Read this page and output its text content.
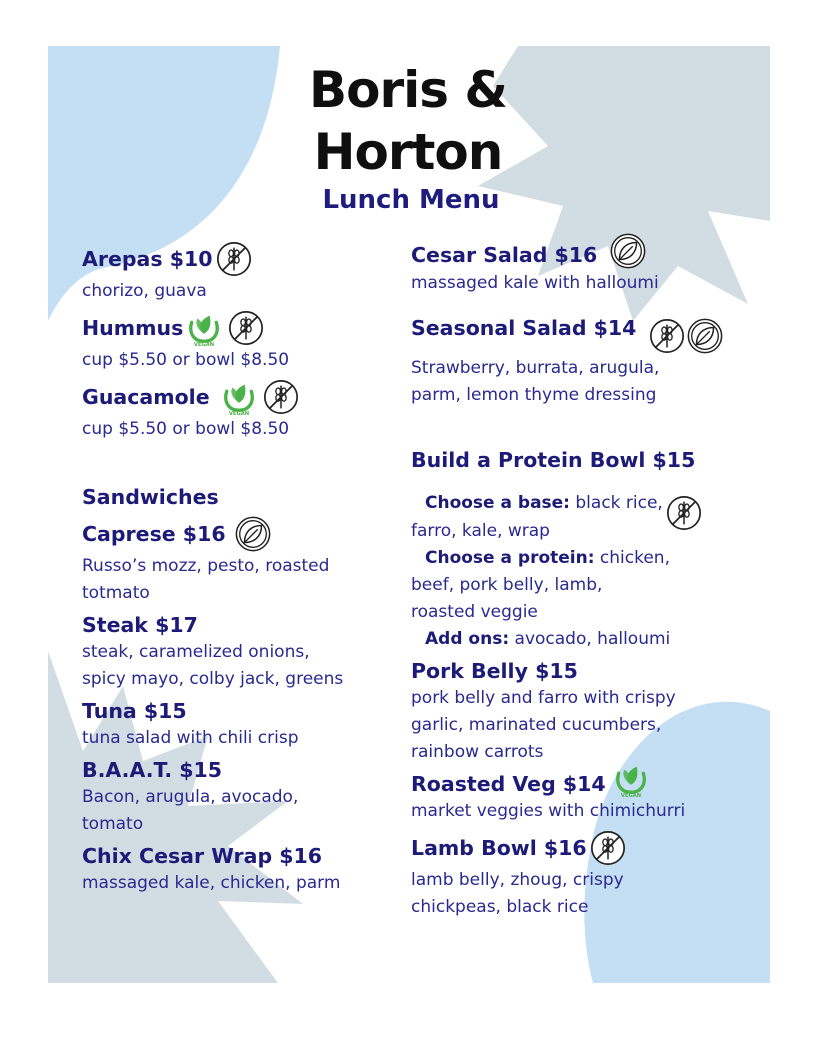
Boris &
Horton
Lunch Menu
Arepas $10
chorizo, guava
Hummus
VEGAN
cup $5.50 or bowl $8.50
Guacamole
VEGAN
cup $5.50 or bowl $8.50
Sandwiches
Caprese $16
Russo’s mozz, pesto, roasted totmato
Steak $17
steak, caramelized onions,
spicy mayo, colby jack, greens
Tuna $15
tuna salad with chili crisp
B.A.A.T. $15
Bacon, arugula, avocado,
tomato
Chix Cesar Wrap $16
massaged kale, chicken, parm
Cesar Salad $16
massaged kale with halloumi
Seasonal Salad $14
Strawberry, burrata, arugula,
parm, lemon thyme dressing
Build a Protein Bowl $15
Choose a base: black rice,
farro, kale, wrap
Choose a protein: chicken,
beef, pork belly, lamb,
roasted veggie
Add ons: avocado, halloumi
Pork Belly $15
pork belly and farro with crispy
garlic, marinated cucumbers,
rainbow carrots
Roasted Veg $14
VEGAN
market veggies with chimichurri
Lamb Bowl $16
lamb belly, zhoug, crispy
chickpeas, black rice
